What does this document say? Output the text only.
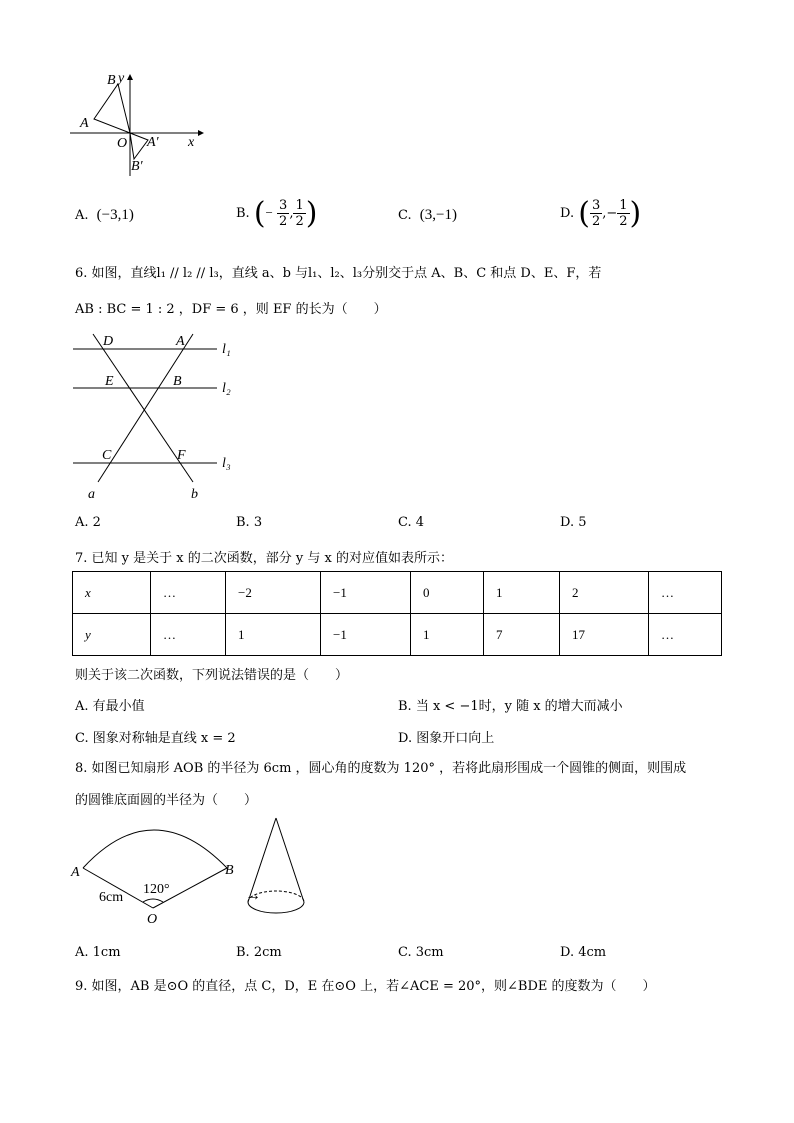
B y
A
O	x
A′
B′
A. (−3,1)	B. (− $\frac{3}{2}$ , $\frac{1}{2}$ )	C. (3,−1)	D. ( $\frac{3}{2}$ ,− $\frac{1}{2}$ )
6. 如图，直线l₁ // l₂ // l₃，直线 a、b 与l₁、l₂、l₃分别交于点 A、B、C 和点 D、E、F，若
AB : BC = 1 : 2 ，DF = 6 ，则 EF 的长为（　　）
D	A
l₁
E	B	l₂
C	F
l₃
a	b
A. 2	B. 3	C. 4	D. 5
7. 已知 y 是关于 x 的二次函数，部分 y 与 x 的对应值如表所示：
x	…	−2	−1	0	1	2	…
y	…	1	−1	1	7	17	…
则关于该二次函数，下列说法错误的是（　　）
A. 有最小值	B. 当 x < −1时，y 随 x 的增大而减小
C. 图象对称轴是直线 x = 2	D. 图象开口向上
8. 如图已知扇形 AOB 的半径为 6cm ，圆心角的度数为 120° ，若将此扇形围成一个圆锥的侧面，则围成
的圆锥底面圆的半径为（　　）
A	B
O
6cm
120°	→
A. 1cm	B. 2cm	C. 3cm	D. 4cm
9. 如图，AB 是⊙O 的直径，点 C，D，E 在⊙O 上，若∠ACE = 20°，则∠BDE 的度数为（　　）
